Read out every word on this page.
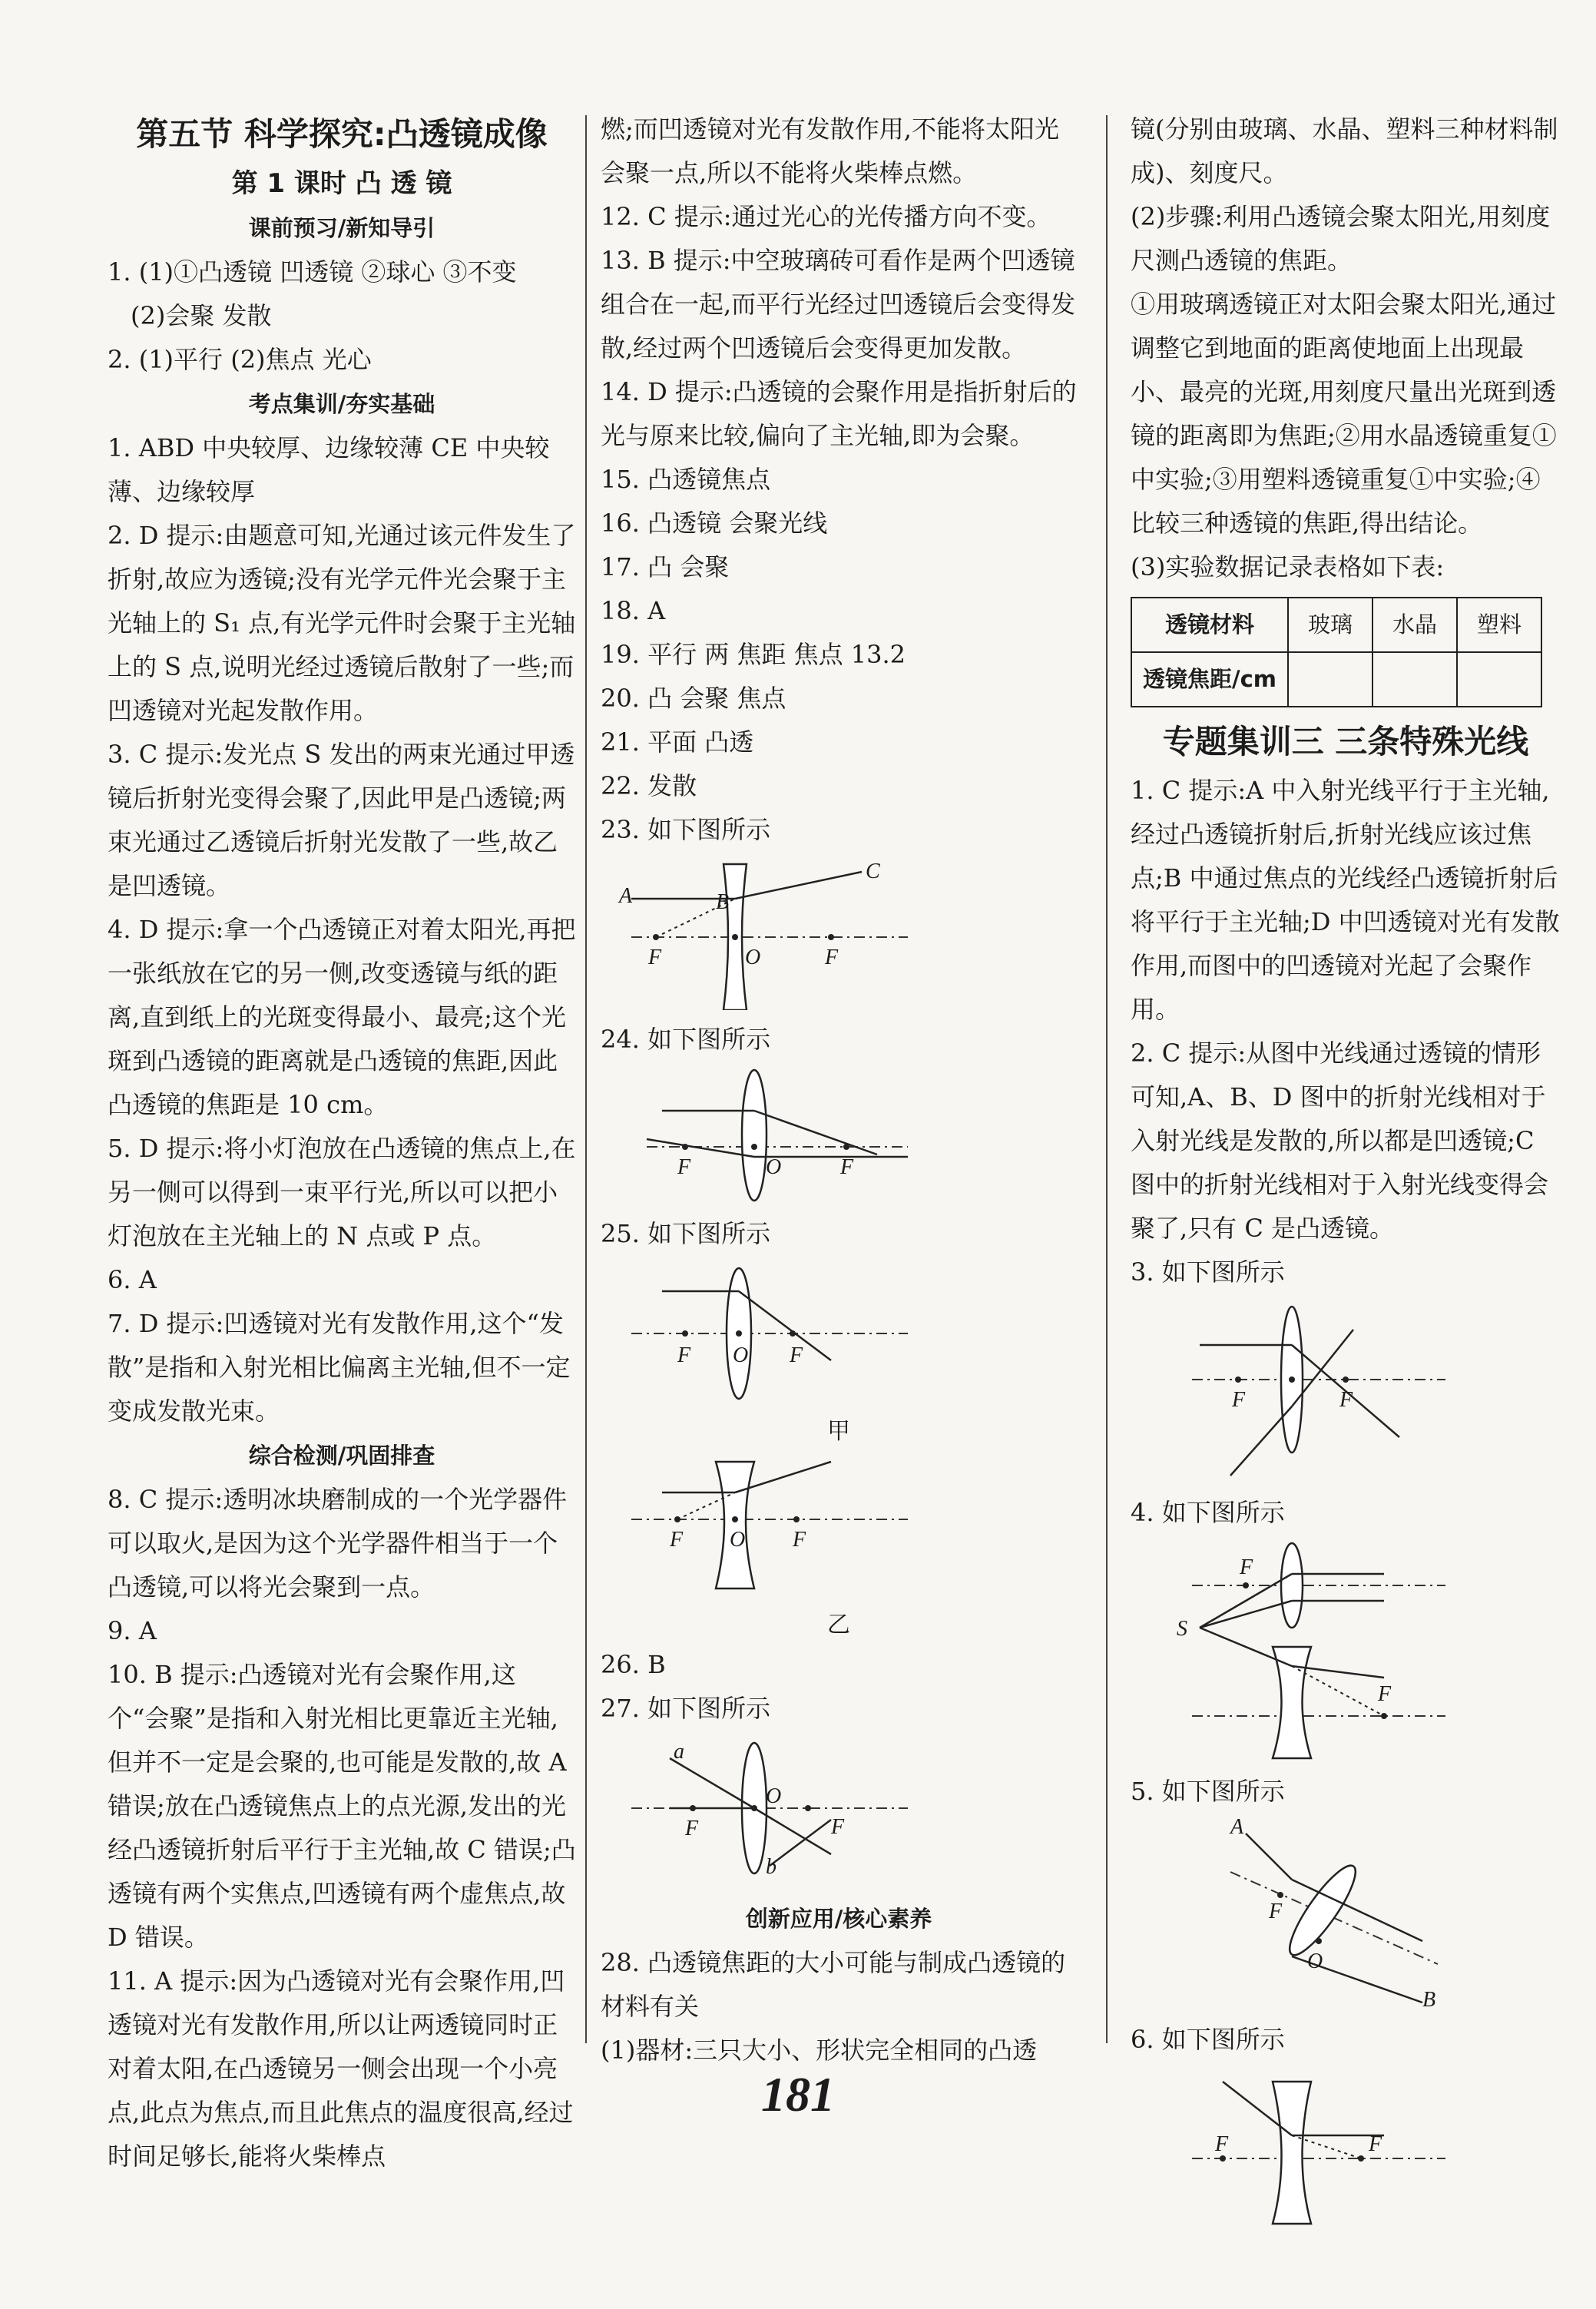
第五节 科学探究:凸透镜成像
第 1 课时 凸 透 镜
课前预习/新知导引

1. (1)①凸透镜 凹透镜 ②球心 ③不变

(2)会聚 发散

2. (1)平行 (2)焦点 光心

考点集训/夯实基础

1. ABD 中央较厚、边缘较薄 CE 中央较薄、边缘较厚

2. D 提示:由题意可知,光通过该元件发生了折射,故应为透镜;没有光学元件光会聚于主光轴上的 S₁ 点,有光学元件时会聚于主光轴上的 S 点,说明光经过透镜后散射了一些;而凹透镜对光起发散作用。

3. C 提示:发光点 S 发出的两束光通过甲透镜后折射光变得会聚了,因此甲是凸透镜;两束光通过乙透镜后折射光发散了一些,故乙是凹透镜。

4. D 提示:拿一个凸透镜正对着太阳光,再把一张纸放在它的另一侧,改变透镜与纸的距离,直到纸上的光斑变得最小、最亮;这个光斑到凸透镜的距离就是凸透镜的焦距,因此凸透镜的焦距是 10 cm。

5. D 提示:将小灯泡放在凸透镜的焦点上,在另一侧可以得到一束平行光,所以可以把小灯泡放在主光轴上的 N 点或 P 点。

6. A

7. D 提示:凹透镜对光有发散作用,这个“发散”是指和入射光相比偏离主光轴,但不一定变成发散光束。

综合检测/巩固排查

8. C 提示:透明冰块磨制成的一个光学器件可以取火,是因为这个光学器件相当于一个凸透镜,可以将光会聚到一点。

9. A

10. B 提示:凸透镜对光有会聚作用,这个“会聚”是指和入射光相比更靠近主光轴,但并不一定是会聚的,也可能是发散的,故 A 错误;放在凸透镜焦点上的点光源,发出的光经凸透镜折射后平行于主光轴,故 C 错误;凸透镜有两个实焦点,凹透镜有两个虚焦点,故D 错误。

11. A 提示:因为凸透镜对光有会聚作用,凹透镜对光有发散作用,所以让两透镜同时正对着太阳,在凸透镜另一侧会出现一个小亮点,此点为焦点,而且此焦点的温度很高,经过时间足够长,能将火柴棒点

燃;而凹透镜对光有发散作用,不能将太阳光会聚一点,所以不能将火柴棒点燃。

12. C 提示:通过光心的光传播方向不变。

13. B 提示:中空玻璃砖可看作是两个凹透镜组合在一起,而平行光经过凹透镜后会变得发散,经过两个凹透镜后会变得更加发散。

14. D 提示:凸透镜的会聚作用是指折射后的光与原来比较,偏向了主光轴,即为会聚。

15. 凸透镜焦点

16. 凸透镜 会聚光线

17. 凸 会聚

18. A

19. 平行 两 焦距 焦点 13.2

20. 凸 会聚 焦点

21. 平面 凸透

22. 发散

23. 如下图所示

A	B
C
F	O	F

24. 如下图所示

F	O	F

25. 如下图所示

F O F
甲
F O F
乙

26. B

27. 如下图所示

a
b
F
O
F
创新应用/核心素养

28. 凸透镜焦距的大小可能与制成凸透镜的材料有关

(1)器材:三只大小、形状完全相同的凸透

镜(分别由玻璃、水晶、塑料三种材料制成)、刻度尺。

(2)步骤:利用凸透镜会聚太阳光,用刻度尺测凸透镜的焦距。

①用玻璃透镜正对太阳会聚太阳光,通过调整它到地面的距离使地面上出现最小、最亮的光斑,用刻度尺量出光斑到透镜的距离即为焦距;②用水晶透镜重复①中实验;③用塑料透镜重复①中实验;④比较三种透镜的焦距,得出结论。

(3)实验数据记录表格如下表:

透镜材料	玻璃	水晶	塑料
透镜焦距/cm			
专题集训三 三条特殊光线

1. C 提示:A 中入射光线平行于主光轴,经过凸透镜折射后,折射光线应该过焦点;B 中通过焦点的光线经凸透镜折射后将平行于主光轴;D 中凹透镜对光有发散作用,而图中的凹透镜对光起了会聚作用。

2. C 提示:从图中光线通过透镜的情形可知,A、B、D 图中的折射光线相对于入射光线是发散的,所以都是凹透镜;C 图中的折射光线相对于入射光线变得会聚了,只有 C 是凸透镜。

3. 如下图所示

F	F

4. 如下图所示

S
F
F

5. 如下图所示

A
F
O
B

6. 如下图所示

F	F
181
